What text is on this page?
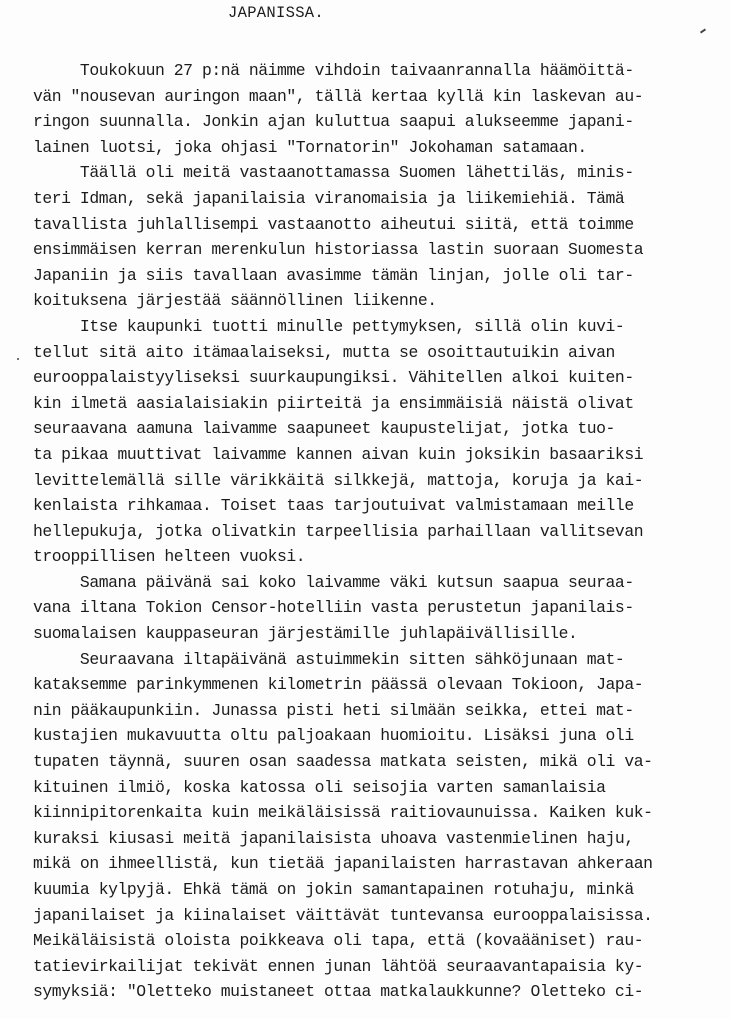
JAPANISSA.
Toukokuun 27 p:nä näimme vihdoin taivaanrannalla häämöittä-
vän "nousevan auringon maan", tällä kertaa kyllä kin laskevan au-
ringon suunnalla. Jonkin ajan kuluttua saapui alukseemme japani-
lainen luotsi, joka ohjasi "Tornatorin" Jokohaman satamaan.
Täällä oli meitä vastaanottamassa Suomen lähettiläs, minis-
teri Idman, sekä japanilaisia viranomaisia ja liikemiehiä. Tämä
tavallista juhlallisempi vastaanotto aiheutui siitä, että toimme
ensimmäisen kerran merenkulun historiassa lastin suoraan Suomesta
Japaniin ja siis tavallaan avasimme tämän linjan, jolle oli tar-
koituksena järjestää säännöllinen liikenne.
Itse kaupunki tuotti minulle pettymyksen, sillä olin kuvi-
tellut sitä aito itämaalaiseksi, mutta se osoittautuikin aivan
eurooppalaistyyliseksi suurkaupungiksi. Vähitellen alkoi kuiten-
kin ilmetä aasialaisiakin piirteitä ja ensimmäisiä näistä olivat
seuraavana aamuna laivamme saapuneet kaupustelijat, jotka tuo-
ta pikaa muuttivat laivamme kannen aivan kuin joksikin basaariksi
levittelemällä sille värikkäitä silkkejä, mattoja, koruja ja kai-
kenlaista rihkamaa. Toiset taas tarjoutuivat valmistamaan meille
hellepukuja, jotka olivatkin tarpeellisia parhaillaan vallitsevan
trooppillisen helteen vuoksi.
Samana päivänä sai koko laivamme väki kutsun saapua seuraa-
vana iltana Tokion Censor-hotelliin vasta perustetun japanilais-
suomalaisen kauppaseuran järjestämille juhlapäivällisille.
Seuraavana iltapäivänä astuimmekin sitten sähköjunaan mat-
kataksemme parinkymmenen kilometrin päässä olevaan Tokioon, Japa-
nin pääkaupunkiin. Junassa pisti heti silmään seikka, ettei mat-
kustajien mukavuutta oltu paljoakaan huomioitu. Lisäksi juna oli
tupaten täynnä, suuren osan saadessa matkata seisten, mikä oli va-
kituinen ilmiö, koska katossa oli seisojia varten samanlaisia
kiinnipitorenkaita kuin meikäläisissä raitiovaunuissa. Kaiken kuk-
kuraksi kiusasi meitä japanilaisista uhoava vastenmielinen haju,
mikä on ihmeellistä, kun tietää japanilaisten harrastavan ahkeraan
kuumia kylpyjä. Ehkä tämä on jokin samantapainen rotuhaju, minkä
japanilaiset ja kiinalaiset väittävät tuntevansa eurooppalaisissa.
Meikäläisistä oloista poikkeava oli tapa, että (kovaääniset) rau-
tatievirkailijat tekivät ennen junan lähtöä seuraavantapaisia ky-
symyksiä: "Oletteko muistaneet ottaa matkalaukkunne? Oletteko ci-
